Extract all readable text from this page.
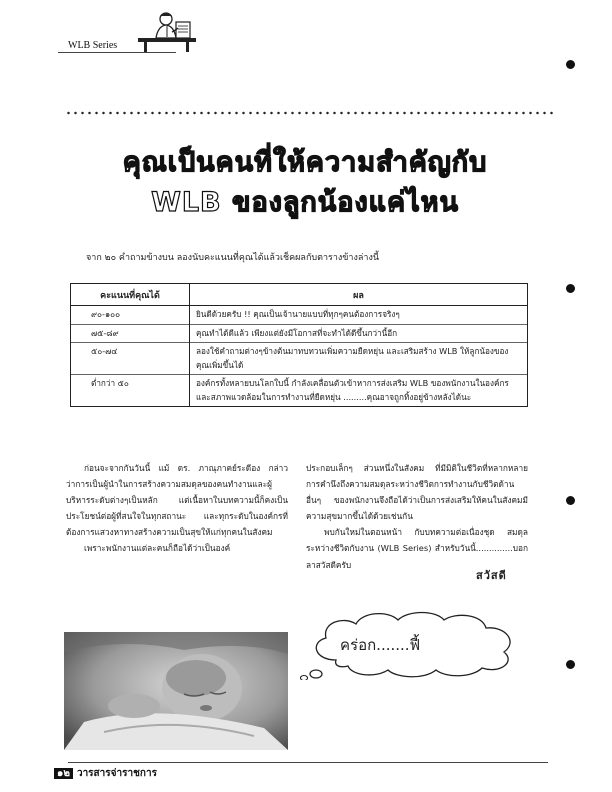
WLB Series
คุณเป็นคนที่ให้ความสำคัญกับ
WLB ของลูกน้องแค่ไหน
จาก ๒๐ คำถามข้างบน ลองนับคะแนนที่คุณได้แล้วเช็คผลกับตารางข้างล่างนี้
คะแนนที่คุณได้	ผล
๙๐-๑๐๐	ยินดีด้วยครับ !! คุณเป็นเจ้านายแบบที่ทุกๆคนต้องการจริงๆ
๗๕-๘๙	คุณทำได้ดีแล้ว เพียงแต่ยังมีโอกาสที่จะทำได้ดีขึ้นกว่านี้อีก
๕๐-๗๔	ลองใช้คำถามต่างๆข้างต้นมาทบทวนเพิ่มความยืดหยุ่น และเสริมสร้าง WLB ให้ลูกน้องของคุณเพิ่มขึ้นได้
ต่ำกว่า ๕๐	องค์กรทั้งหลายบนโลกใบนี้ กำลังเคลื่อนตัวเข้าหาการส่งเสริม WLB ของพนักงานในองค์กร และสภาพแวดล้อมในการทำงานที่ยืดหยุ่น .........คุณอาจถูกทิ้งอยู่ข้างหลังได้นะ

ก่อนจะจากกันวันนี้ แม้ ดร. ภาณุภาคย์ระดีอง กล่าวว่าการเป็นผู้นำในการสร้างความสมดุลของคนทำงานและผู้บริหารระดับต่างๆเป็นหลัก แต่เนื้อหาในบทความนี้ก็คงเป็นประโยชน์ต่อผู้ที่สนใจในทุกสถานะ และทุกระดับในองค์กรที่ต้องการแสวงหาทางสร้างความเป็นสุขให้แก่ทุกคนในสังคม

เพราะพนักงานแต่ละคนก็ถือได้ว่าเป็นองค์

ประกอบเล็กๆ ส่วนหนึ่งในสังคม ที่มีมิติในชีวิตที่หลากหลาย การคำนึงถึงความสมดุลระหว่างชีวิตการทำงานกับชีวิตด้านอื่นๆ ของพนักงานจึงถือได้ว่าเป็นการส่งเสริมให้คนในสังคมมีความสุขมากขึ้นได้ด้วยเช่นกัน

พบกันใหม่ในตอนหน้า กับบทความต่อเนื่องชุด สมดุลระหว่างชีวิตกับงาน (WLB Series) สำหรับวันนี้..............บอกลาสวัสดีครับ

สวัสดี
คร่อก.......ฟี้
๑๒ วารสารจ่าราชการ
